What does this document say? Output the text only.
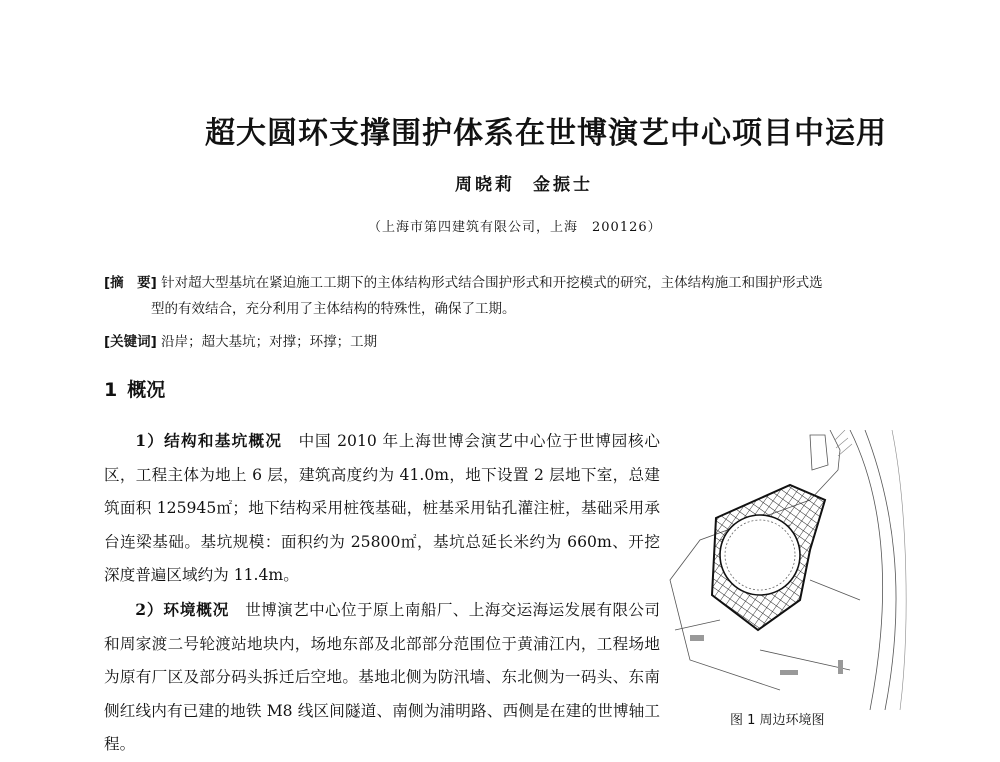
超大圆环支撑围护体系在世博演艺中心项目中运用
周晓莉 金振士
（上海市第四建筑有限公司，上海　200126）
[摘　要] 针对超大型基坑在紧迫施工工期下的主体结构形式结合围护形式和开挖模式的研究，主体结构施工和围护形式选
型的有效结合，充分利用了主体结构的特殊性，确保了工期。
[关键词] 沿岸；超大基坑；对撑；环撑；工期
1 概况

1）结构和基坑概况　中国 2010 年上海世博会演艺中心位于世博园核心区，工程主体为地上 6 层，建筑高度约为 41.0m，地下设置 2 层地下室，总建筑面积 125945㎡；地下结构采用桩筏基础，桩基采用钻孔灌注桩，基础采用承台连梁基础。基坑规模：面积约为 25800㎡，基坑总延长米约为 660m、开挖深度普遍区域约为 11.4m。

2）环境概况　世博演艺中心位于原上南船厂、上海交运海运发展有限公司和周家渡二号轮渡站地块内，场地东部及北部部分范围位于黄浦江内，工程场地为原有厂区及部分码头拆迁后空地。基地北侧为防汛墙、东北侧为一码头、东南侧红线内有已建的地铁 M8 线区间隧道、南侧为浦明路、西侧是在建的世博轴工程。

图 1 周边环境图
